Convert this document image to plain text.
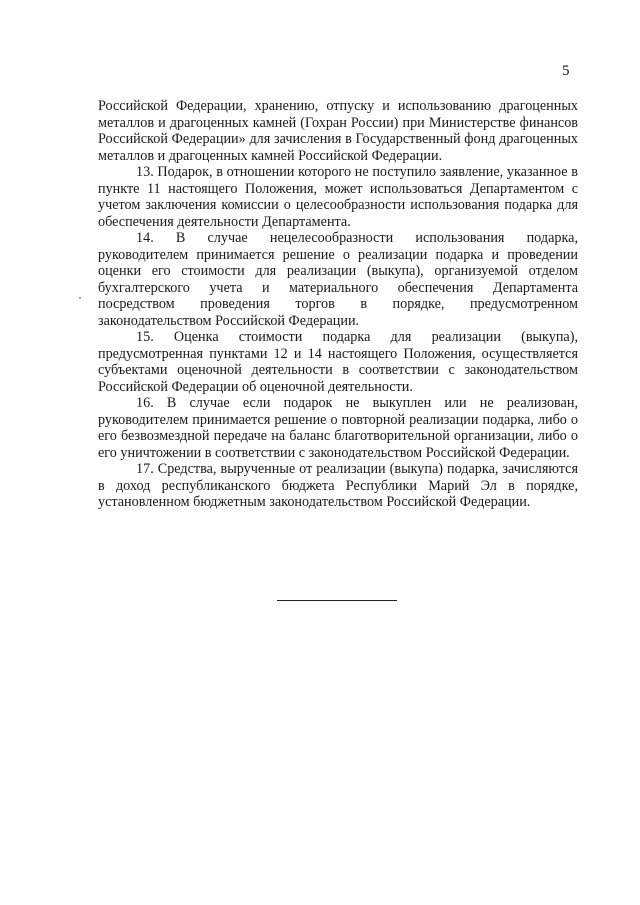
5

Российской Федерации, хранению, отпуску и использованию драгоценных металлов и драгоценных камней (Гохран России) при Министерстве финансов Российской Федерации» для зачисления в Государственный фонд драгоценных металлов и драгоценных камней Российской Федерации.

13. Подарок, в отношении которого не поступило заявление, указанное в пункте 11 настоящего Положения, может использоваться Департаментом с учетом заключения комиссии о целесообразности использования подарка для обеспечения деятельности Департамента.

14. В случае нецелесообразности использования подарка, руководителем принимается решение о реализации подарка и проведении оценки его стоимости для реализации (выкупа), организуемой отделом бухгалтерского учета и материального обеспечения Департамента посредством проведения торгов в порядке, предусмотренном законодательством Российской Федерации.

15. Оценка стоимости подарка для реализации (выкупа), предусмотренная пунктами 12 и 14 настоящего Положения, осуществляется субъектами оценочной деятельности в соответствии с законодательством Российской Федерации об оценочной деятельности.

16. В случае если подарок не выкуплен или не реализован, руководителем принимается решение о повторной реализации подарка, либо о его безвозмездной передаче на баланс благотворительной организации, либо о его уничтожении в соответствии с законодательством Российской Федерации.

17. Средства, вырученные от реализации (выкупа) подарка, зачисляются в доход республиканского бюджета Республики Марий Эл в порядке, установленном бюджетным законодательством Российской Федерации.
